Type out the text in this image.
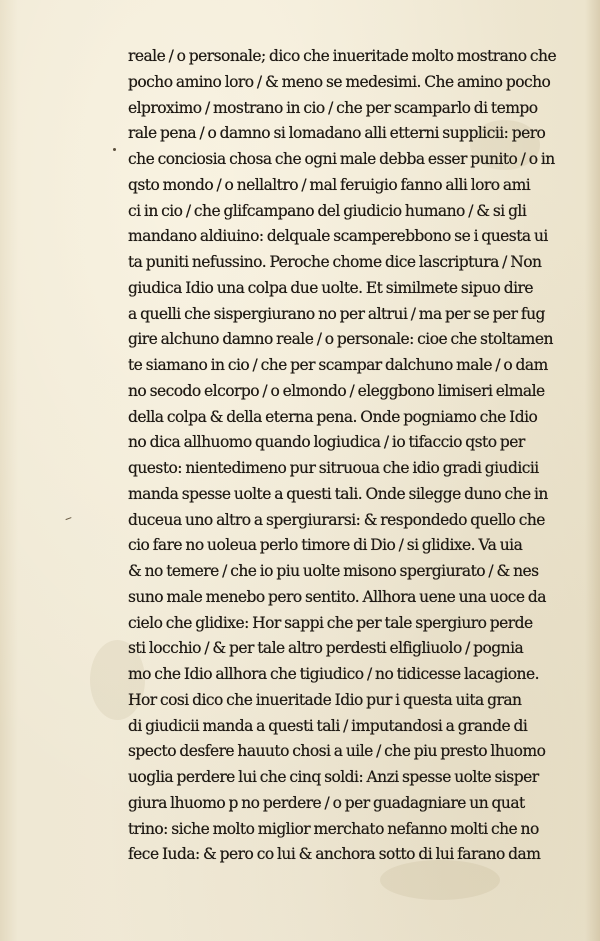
reale / o personale; dico che inueritade molto mostrano che
pocho amino loro / & meno se medesimi. Che amino pocho
elproximo / mostrano in cio / che per scamparlo di tempo
rale pena / o damno si lomadano alli etterni supplicii: pero
che conciosia chosa che ogni male debba esser punito / o in
qsto mondo / o nellaltro / mal feruigio fanno alli loro ami
ci in cio / che glifcampano del giudicio humano / & si gli
mandano aldiuino: delquale scamperebbono se i questa ui
ta puniti nefussino. Peroche chome dice lascriptura / Non
giudica Idio una colpa due uolte. Et similmete sipuo dire
a quelli che sispergiurano no per altrui / ma per se per fug
gire alchuno damno reale / o personale: cioe che stoltamen
te siamano in cio / che per scampar dalchuno male / o dam
no secodo elcorpo / o elmondo / eleggbono limiseri elmale
della colpa & della eterna pena. Onde pogniamo che Idio
no dica allhuomo quando logiudica / io tifaccio qsto per
questo: nientedimeno pur sitruoua che idio gradi giudicii
manda spesse uolte a questi tali. Onde silegge duno che in
duceua uno altro a spergiurarsi: & respondedo quello che
cio fare no uoleua perlo timore di Dio / si glidixe. Va uia
& no temere / che io piu uolte misono spergiurato / & nes
suno male menebo pero sentito. Allhora uene una uoce da
cielo che glidixe: Hor sappi che per tale spergiuro perde
sti locchio / & per tale altro perdesti elfigliuolo / pognia
mo che Idio allhora che tigiudico / no tidicesse lacagione.
Hor cosi dico che inueritade Idio pur i questa uita gran
di giudicii manda a questi tali / imputandosi a grande di
specto desfere hauuto chosi a uile / che piu presto lhuomo
uoglia perdere lui che cinq soldi: Anzi spesse uolte sisper
giura lhuomo p no perdere / o per guadagniare un quat
trino: siche molto miglior merchato nefanno molti che no
fece Iuda: & pero co lui & anchora sotto di lui farano dam
